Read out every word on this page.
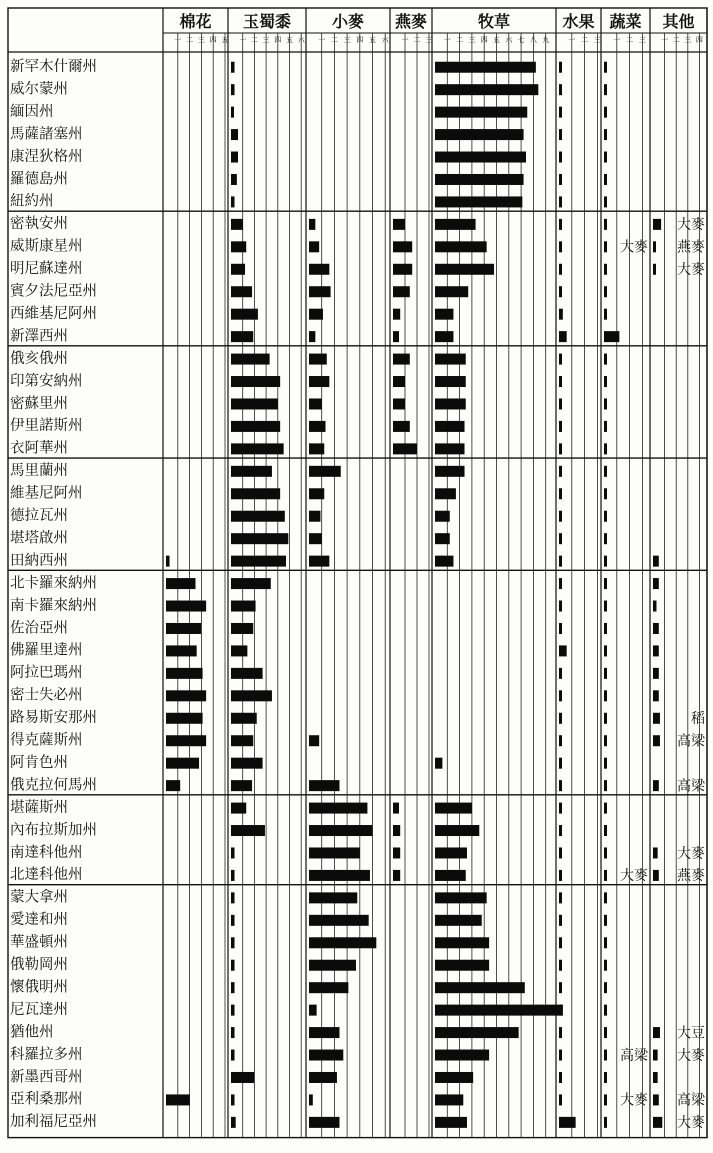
棉花
一 二 三 四 五
玉蜀黍
一 二 三 四 五 六
小麥
一 二 三 四 五 六
燕麥
一 二 三
牧草
一 二 三 四 五 六 七 八 九
水果
一 二 三
蔬菜
一 二 三
其他
一 二 三 四
新罕木什爾州
威尔蒙州
緬因州
馬薩諸塞州
康涅狄格州
羅德島州
紐約州
密執安州
威斯康星州
明尼蘇達州
賓夕法尼亞州
西維基尼阿州
新澤西州
俄亥俄州
印第安納州
密蘇里州
伊里諾斯州
衣阿華州
馬里蘭州
維基尼阿州
德拉瓦州
堪塔啟州
田納西州
北卡羅來納州
南卡羅來納州
佐治亞州
佛羅里達州
阿拉巴瑪州
密士失必州
路易斯安那州
得克薩斯州
阿肯色州
俄克拉何馬州
堪薩斯州
內布拉斯加州
南達科他州
北達科他州
蒙大拿州
愛達和州
華盛頓州
俄勒岡州
懷俄明州
尼瓦達州
猶他州
科羅拉多州
新墨西哥州
亞利桑那州
加利福尼亞州
大麥
大麥 燕麥
大麥
稻
高梁
高梁
大麥
大麥 燕麥
大豆
高梁 大麥
大麥 高梁
大麥
